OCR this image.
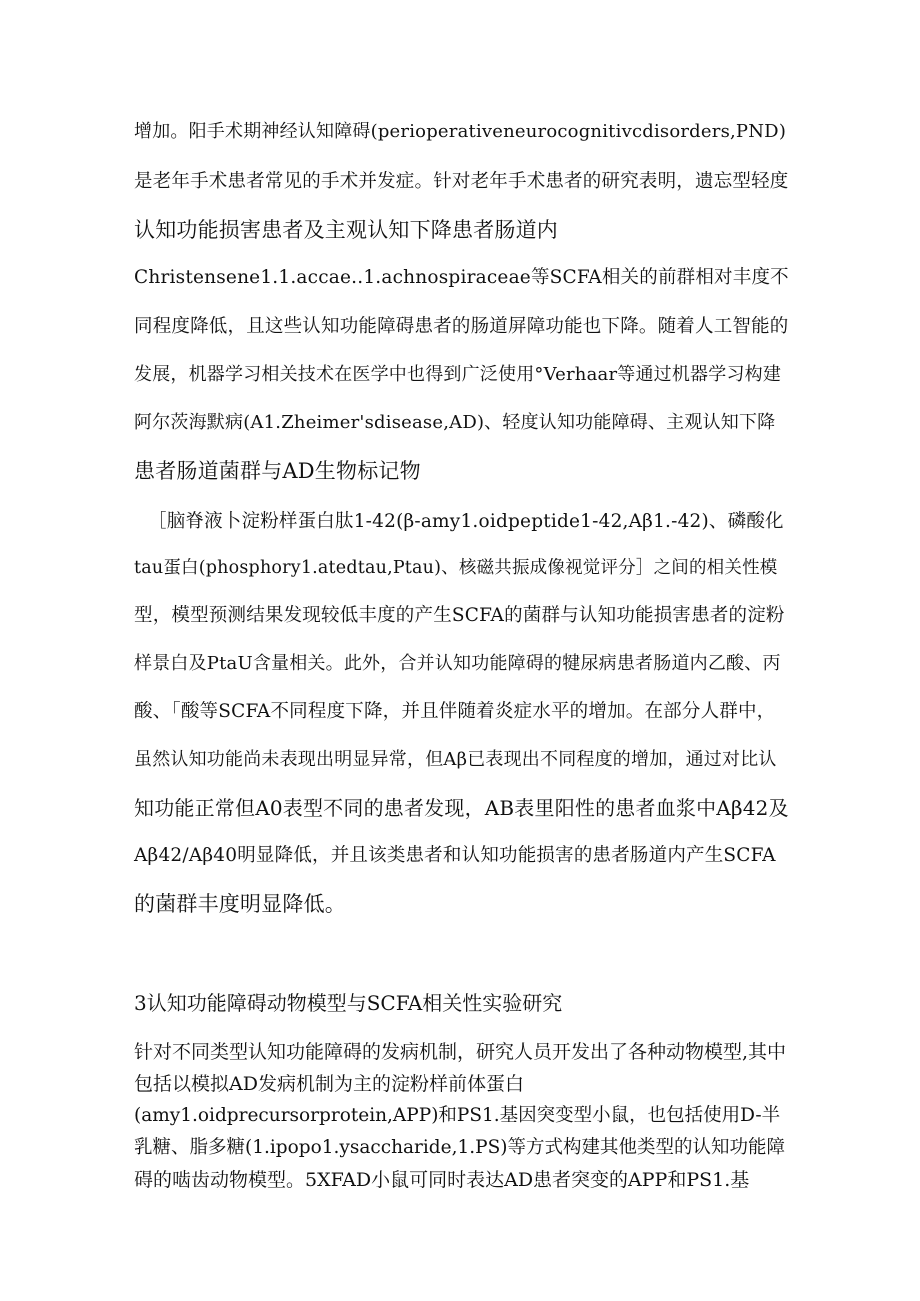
增加。阳手术期神经认知障碍(perioperativeneurocognitivcdisorders,PND)
是老年手术患者常见的手术并发症。针对老年手术患者的研究表明，遗忘型轻度
认知功能损害患者及主观认知下降患者肠道内
Christensene1.1.accae..1.achnospiraceae等SCFA相关的前群相对丰度不
同程度降低，且这些认知功能障碍患者的肠道屏障功能也下降。随着人工智能的
发展，机器学习相关技术在医学中也得到广泛使用°Verhaar等通过机器学习构建
阿尔茨海默病(A1.Zheimer'sdisease,AD)、轻度认知功能障碍、主观认知下降
患者肠道菌群与AD生物标记物
［脑脊液卜淀粉样蛋白肽1-42(β-amy1.oidpeptide1-42,Aβ1.-42)、磷酸化
tau蛋白(phosphory1.atedtau,Ptau)、核磁共振成像视觉评分］之间的相关性模
型，模型预测结果发现较低丰度的产生SCFA的菌群与认知功能损害患者的淀粉
样景白及PtaU含量相关。此外，合并认知功能障碍的犍尿病患者肠道内乙酸、丙
酸、「酸等SCFA不同程度下降，并且伴随着炎症水平的增加。在部分人群中，
虽然认知功能尚未表现出明显异常，但Aβ已表现出不同程度的增加，通过对比认
知功能正常但A0表型不同的患者发现，AB表里阳性的患者血浆中Aβ42及
Aβ42∕Aβ40明显降低，并且该类患者和认知功能损害的患者肠道内产生SCFA
的菌群丰度明显降低。
3认知功能障碍动物模型与SCFA相关性实验研究
针对不同类型认知功能障碍的发病机制，研究人员开发出了各种动物模型,其中
包括以模拟AD发病机制为主的淀粉样前体蛋白
(amy1.oidprecursorprotein,APP)和PS1.基因突变型小鼠，也包括使用D-半
乳糖、脂多糖(1.ipopo1.ysaccharide,1.PS)等方式构建其他类型的认知功能障
碍的啮齿动物模型。5XFAD小鼠可同时表达AD患者突变的APP和PS1.基
